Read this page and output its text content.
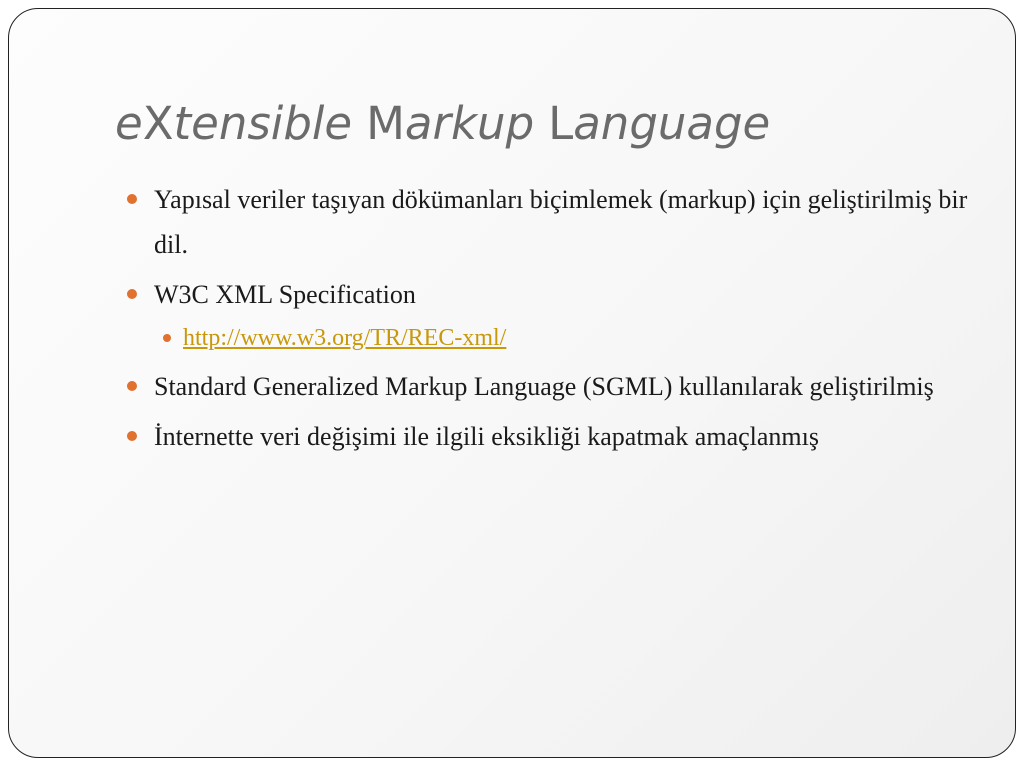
eXtensible Markup Language
Yapısal veriler taşıyan dökümanları biçimlemek (markup) için geliştirilmiş bir dil.
W3C XML Specification
http://www.w3.org/TR/REC-xml/
Standard Generalized Markup Language (SGML) kullanılarak geliştirilmiş
İnternette veri değişimi ile ilgili eksikliği kapatmak amaçlanmış
